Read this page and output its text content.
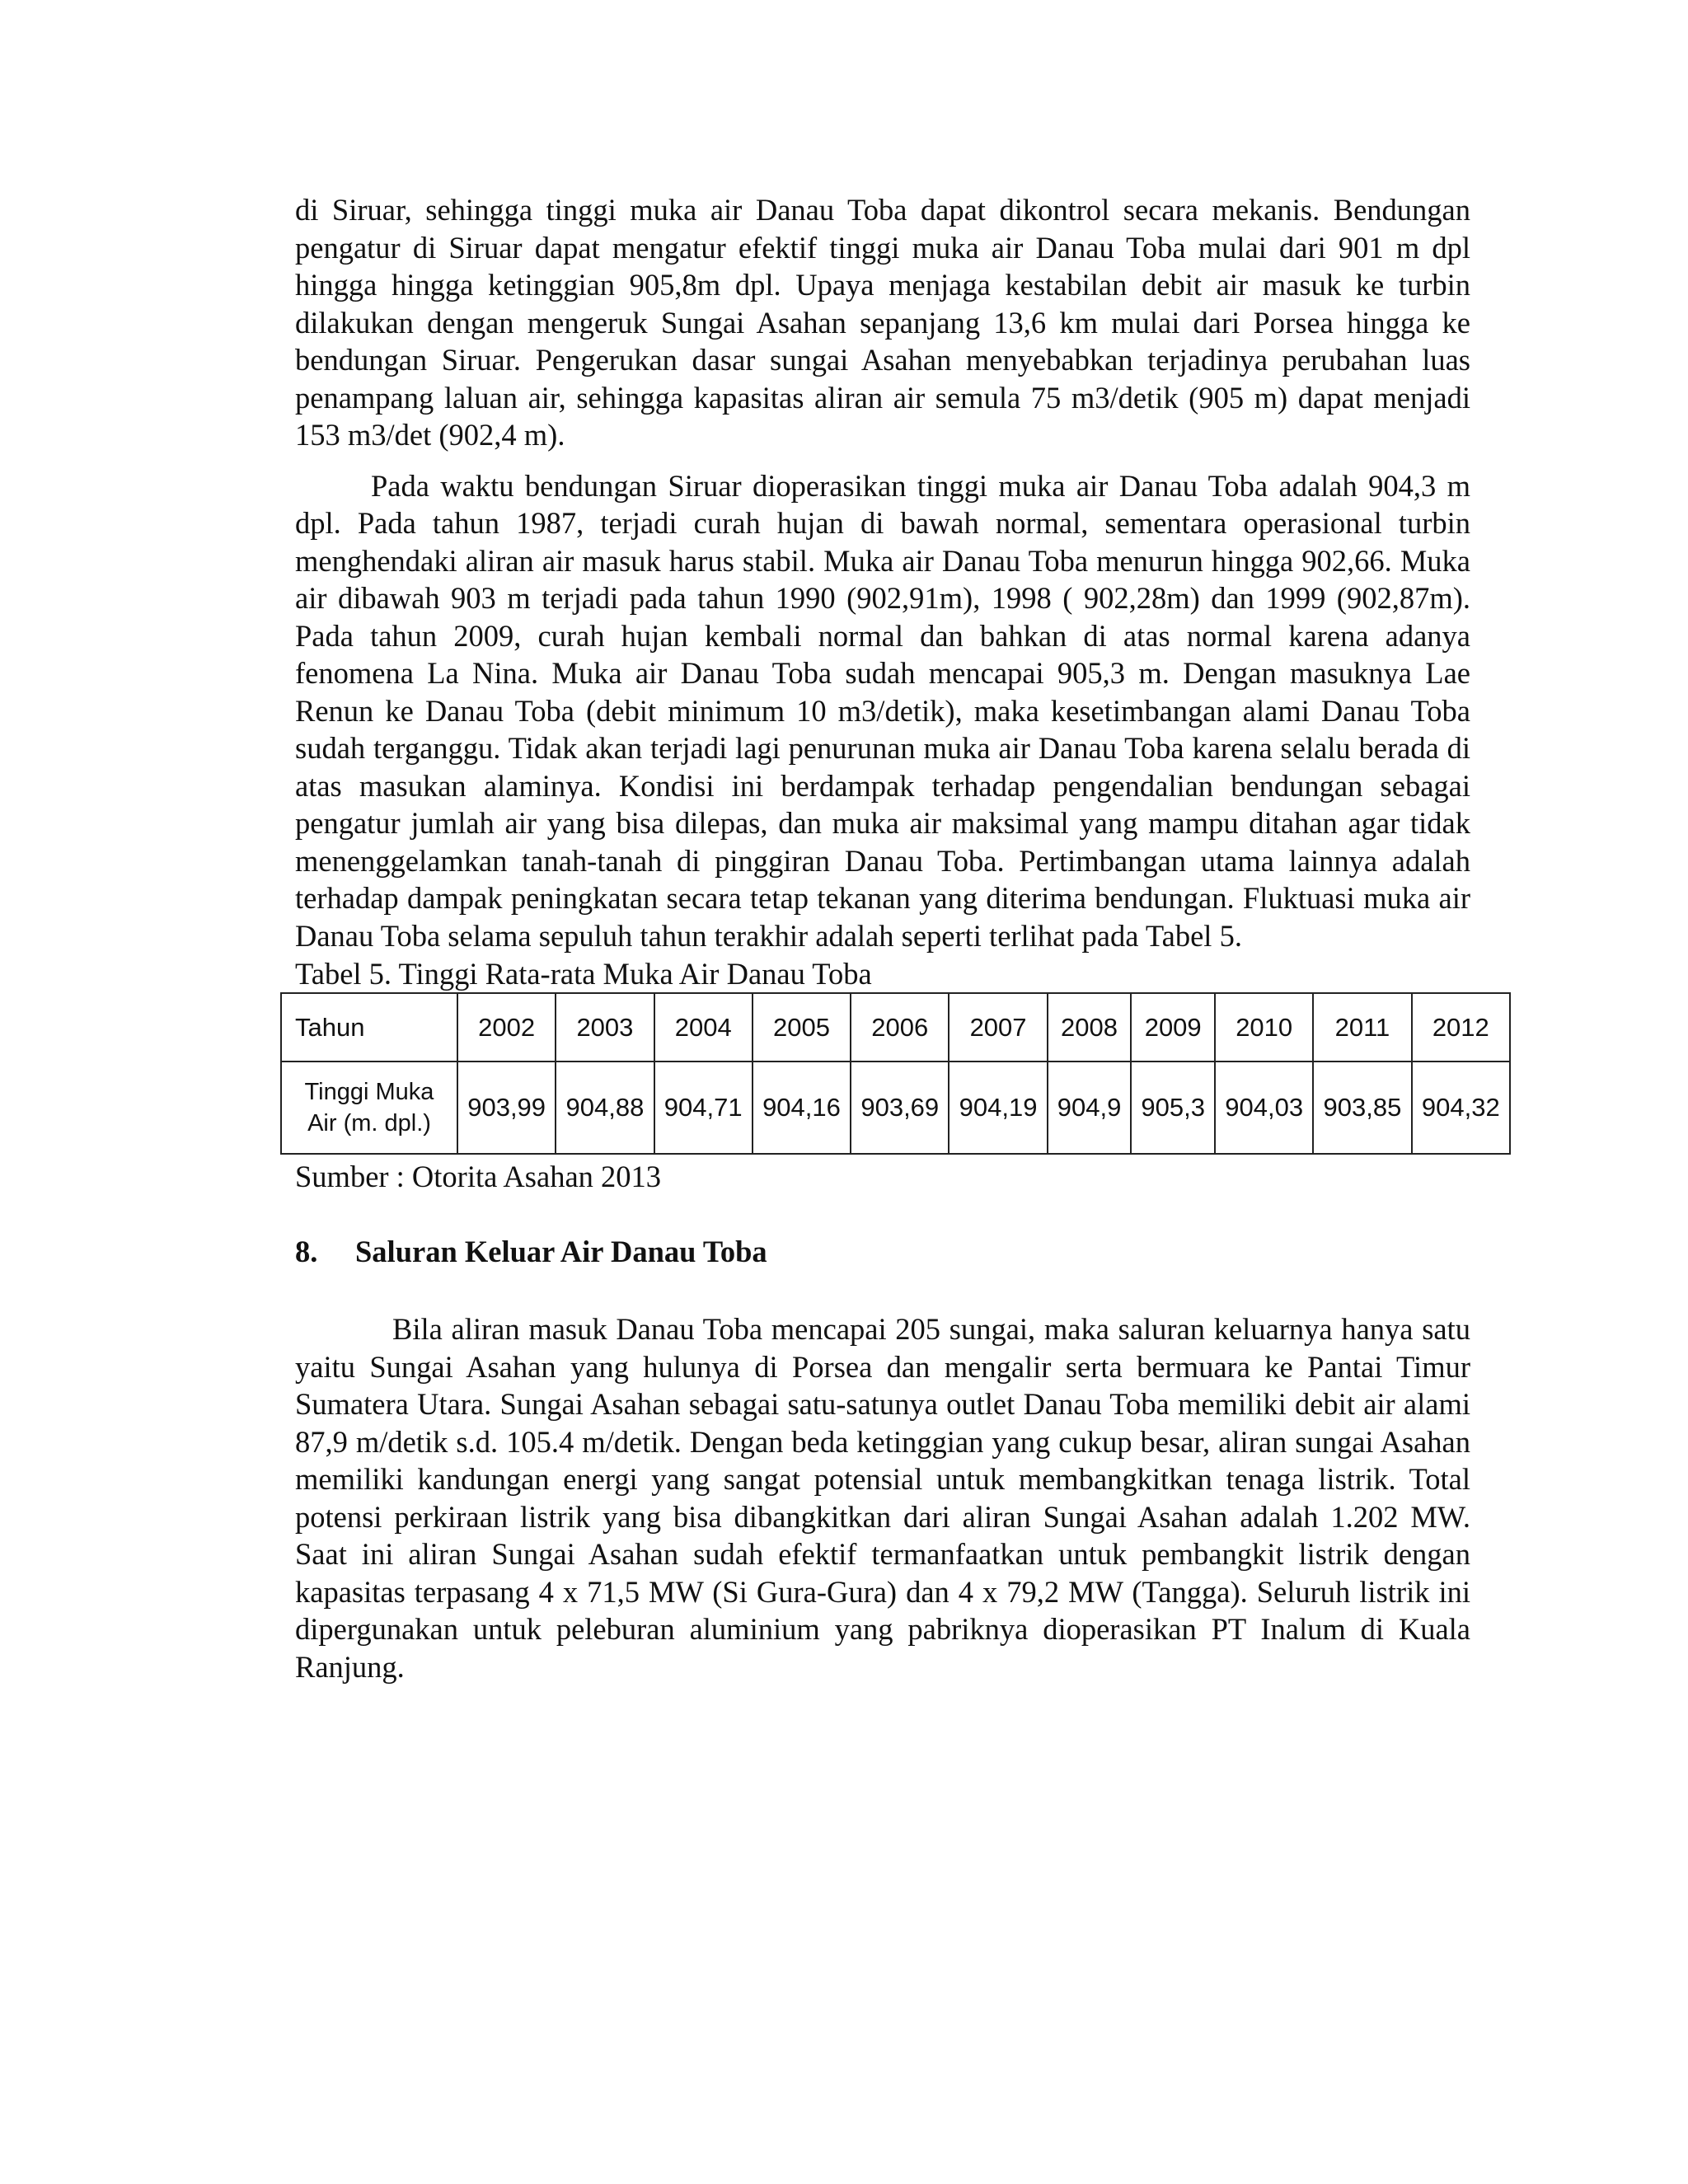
di Siruar, sehingga tinggi muka air Danau Toba dapat dikontrol secara mekanis. Bendungan pengatur di Siruar dapat mengatur efektif tinggi muka air Danau Toba mulai dari 901 m dpl hingga hingga ketinggian 905,8m dpl. Upaya menjaga kestabilan debit air masuk ke turbin dilakukan dengan mengeruk Sungai Asahan sepanjang 13,6 km mulai dari Porsea hingga ke bendungan Siruar. Pengerukan dasar sungai Asahan menyebabkan terjadinya perubahan luas penampang laluan air, sehingga kapasitas aliran air semula 75 m3/detik (905 m) dapat menjadi 153 m3/det (902,4 m).

Pada waktu bendungan Siruar dioperasikan tinggi muka air Danau Toba adalah 904,3 m dpl. Pada tahun 1987, terjadi curah hujan di bawah normal, sementara operasional turbin menghendaki aliran air masuk harus stabil. Muka air Danau Toba menurun hingga 902,66. Muka air dibawah 903 m terjadi pada tahun 1990 (902,91m), 1998 ( 902,28m) dan 1999 (902,87m). Pada tahun 2009, curah hujan kembali normal dan bahkan di atas normal karena adanya fenomena La Nina. Muka air Danau Toba sudah mencapai 905,3 m. Dengan masuknya Lae Renun ke Danau Toba (debit minimum 10 m3/detik), maka kesetimbangan alami Danau Toba sudah terganggu. Tidak akan terjadi lagi penurunan muka air Danau Toba karena selalu berada di atas masukan alaminya. Kondisi ini berdampak terhadap pengendalian bendungan sebagai pengatur jumlah air yang bisa dilepas, dan muka air maksimal yang mampu ditahan agar tidak menenggelamkan tanah-tanah di pinggiran Danau Toba. Pertimbangan utama lainnya adalah terhadap dampak peningkatan secara tetap tekanan yang diterima bendungan. Fluktuasi muka air Danau Toba selama sepuluh tahun terakhir adalah seperti terlihat pada Tabel 5.

Tabel 5. Tinggi Rata-rata Muka Air Danau Toba

Tahun	2002	2003	2004	2005	2006	2007	2008	2009	2010	2011	2012
Tinggi Muka
Air (m. dpl.)	903,99	904,88	904,71	904,16	903,69	904,19	904,9	905,3	904,03	903,85	904,32

Sumber : Otorita Asahan 2013

8. Saluran Keluar Air Danau Toba

Bila aliran masuk Danau Toba mencapai 205 sungai, maka saluran keluarnya hanya satu yaitu Sungai Asahan yang hulunya di Porsea dan mengalir serta bermuara ke Pantai Timur Sumatera Utara. Sungai Asahan sebagai satu-satunya outlet Danau Toba memiliki debit air alami 87,9 m/detik s.d. 105.4 m/detik. Dengan beda ketinggian yang cukup besar, aliran sungai Asahan memiliki kandungan energi yang sangat potensial untuk membangkitkan tenaga listrik. Total potensi perkiraan listrik yang bisa dibangkitkan dari aliran Sungai Asahan adalah 1.202 MW. Saat ini aliran Sungai Asahan sudah efektif termanfaatkan untuk pembangkit listrik dengan kapasitas terpasang 4 x 71,5 MW (Si Gura-Gura) dan 4 x 79,2 MW (Tangga). Seluruh listrik ini dipergunakan untuk peleburan aluminium yang pabriknya dioperasikan PT Inalum di Kuala Ranjung.
